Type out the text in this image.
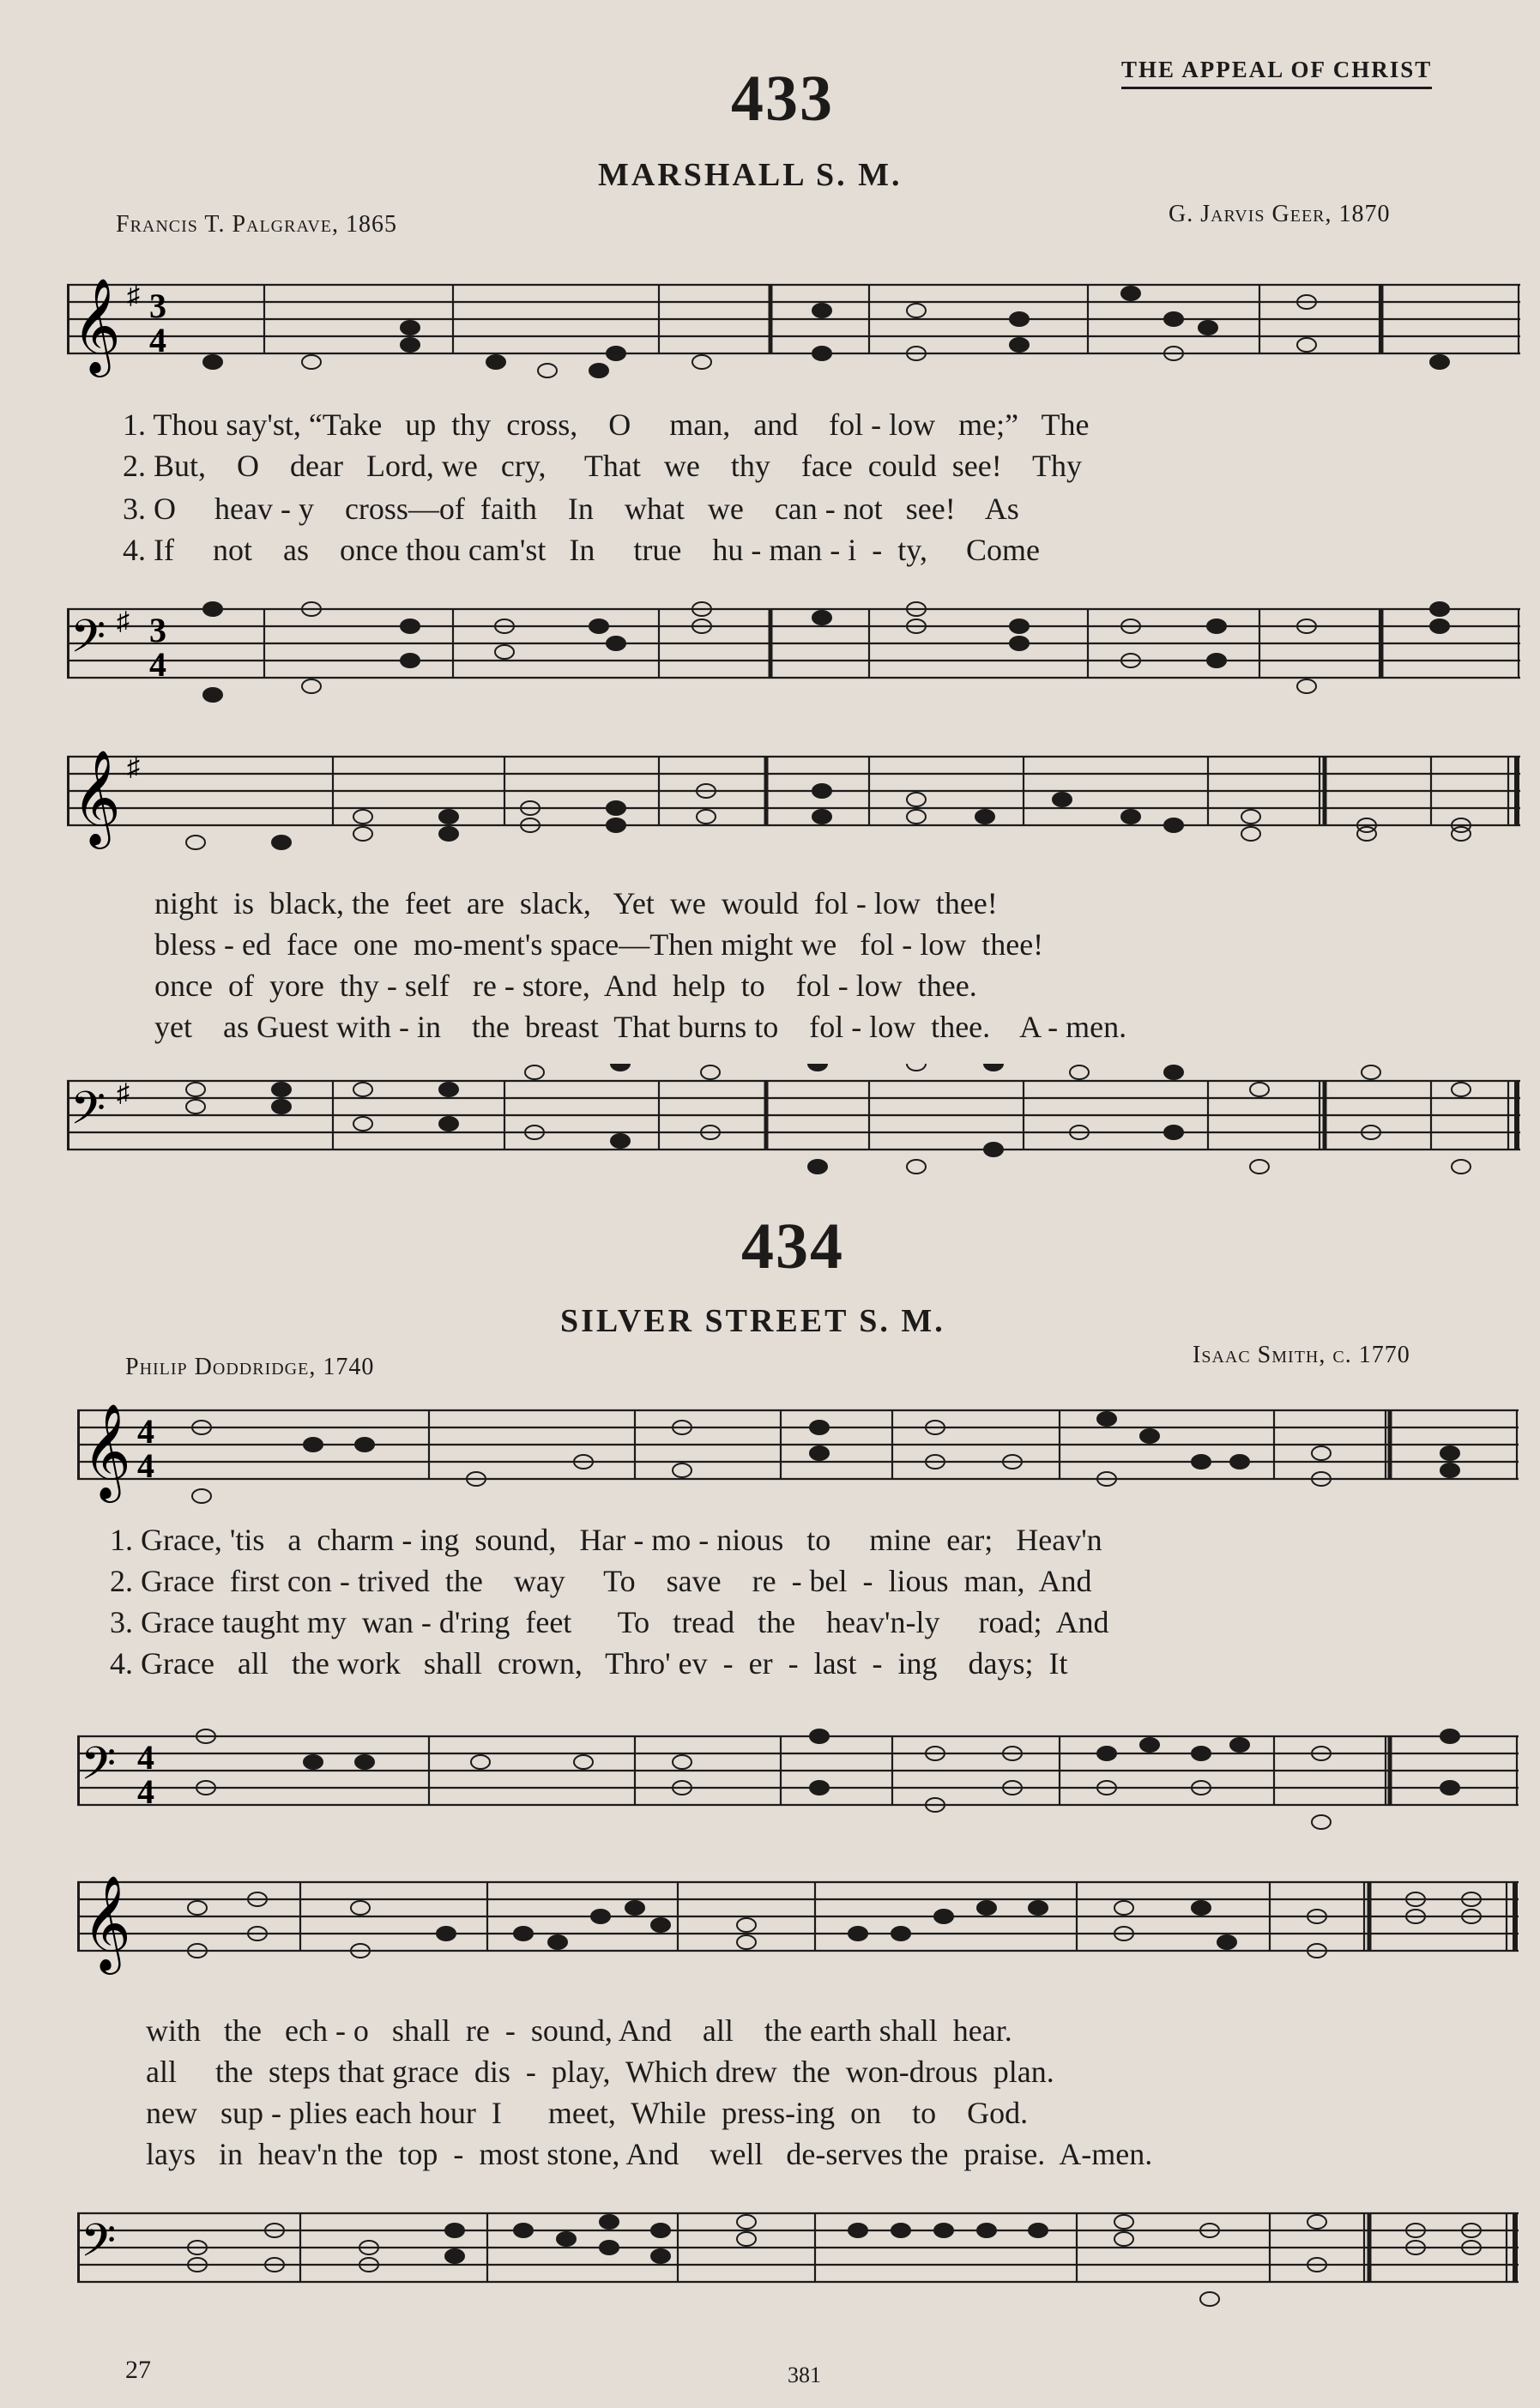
THE APPEAL OF CHRIST
433
MARSHALL S. M.
Francis T. Palgrave, 1865	G. Jarvis Geer, 1870
𝄞 ♯ 3
4
1. Thou say'st, “Take   up  thy  cross,    O     man,   and    fol - low   me;”   The
2. But,    O    dear   Lord, we   cry,     That   we    thy    face  could  see!    Thy
3. O     heav - y    cross—of  faith    In    what   we    can - not   see!    As
4. If     not    as    once thou cam'st   In     true    hu - man - i  -  ty,     Come
𝄢 ♯ 3
4
𝄞 ♯
night  is  black, the  feet  are  slack,   Yet  we  would  fol - low  thee!
bless - ed  face  one  mo-ment's space—Then might we   fol - low  thee!
once  of  yore  thy - self   re - store,  And  help  to    fol - low  thee.
yet    as Guest with - in    the  breast  That burns to    fol - low  thee.    A - men.
𝄢 ♯
434
SILVER STREET S. M.
Philip Doddridge, 1740	Isaac Smith, c. 1770
𝄞 4
4
1. Grace, 'tis   a  charm - ing  sound,   Har - mo - nious   to     mine  ear;   Heav'n
2. Grace  first con - trived  the    way     To    save    re  - bel  -  lious  man,  And
3. Grace taught my  wan - d'ring  feet      To   tread   the    heav'n-ly     road;  And
4. Grace   all   the work   shall  crown,   Thro' ev  -  er  -  last  -  ing    days;  It
𝄢 4
4
𝄞
with   the   ech - o   shall  re  -  sound, And    all    the earth shall  hear.
all     the  steps that grace  dis  -  play,  Which drew  the  won-drous  plan.
new   sup - plies each hour  I      meet,  While  press-ing  on    to    God.
lays   in  heav'n the  top  -  most stone, And    well   de-serves the  praise.  A-men.
𝄢
27	381
